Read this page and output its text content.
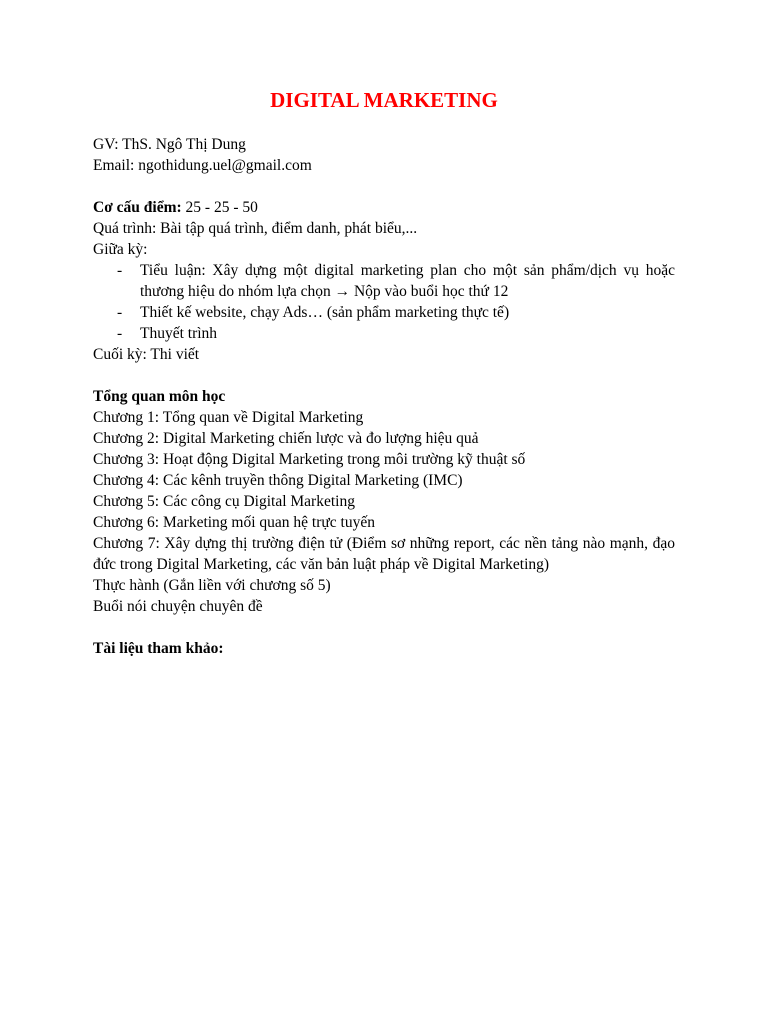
DIGITAL MARKETING
GV: ThS. Ngô Thị Dung
Email: ngothidung.uel@gmail.com
Cơ cấu điểm: 25 - 25 - 50
Quá trình: Bài tập quá trình, điểm danh, phát biểu,...
Giữa kỳ:
- Tiểu luận: Xây dựng một digital marketing plan cho một sản phẩm/dịch vụ hoặc thương hiệu do nhóm lựa chọn → Nộp vào buổi học thứ 12
- Thiết kế website, chạy Ads… (sản phẩm marketing thực tế)
- Thuyết trình
Cuối kỳ: Thi viết
Tổng quan môn học
Chương 1: Tổng quan về Digital Marketing
Chương 2: Digital Marketing chiến lược và đo lượng hiệu quả
Chương 3: Hoạt động Digital Marketing trong môi trường kỹ thuật số
Chương 4: Các kênh truyền thông Digital Marketing (IMC)
Chương 5: Các công cụ Digital Marketing
Chương 6: Marketing mối quan hệ trực tuyến
Chương 7: Xây dựng thị trường điện tử (Điểm sơ những report, các nền tảng nào mạnh, đạo đức trong Digital Marketing, các văn bản luật pháp về Digital Marketing)
Thực hành (Gắn liền với chương số 5)
Buổi nói chuyện chuyên đề
Tài liệu tham khảo:
